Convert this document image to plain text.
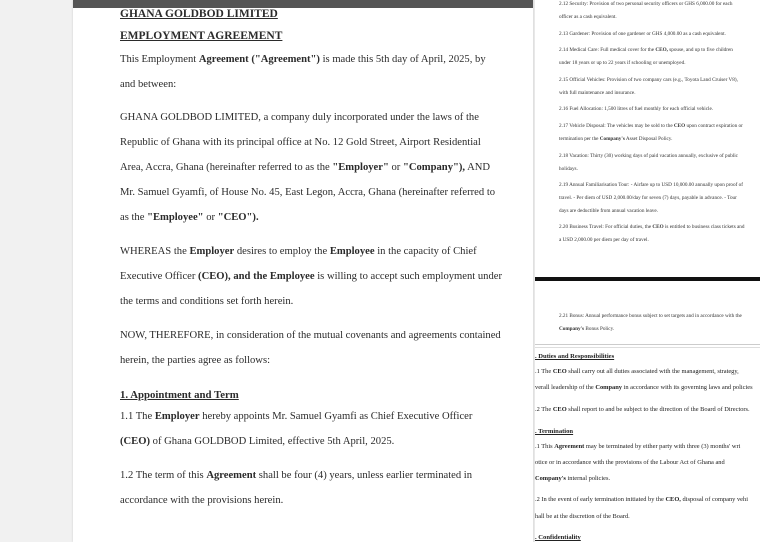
GHANA GOLDBOD LIMITED
EMPLOYMENT AGREEMENT
This Employment Agreement ("Agreement") is made this 5th day of April, 2025, by
and between:
GHANA GOLDBOD LIMITED, a company duly incorporated under the laws of the
Republic of Ghana with its principal office at No. 12 Gold Street, Airport Residential
Area, Accra, Ghana (hereinafter referred to as the "Employer" or "Company"), AND
Mr. Samuel Gyamfi, of House No. 45, East Legon, Accra, Ghana (hereinafter referred to
as the "Employee" or "CEO").
WHEREAS the Employer desires to employ the Employee in the capacity of Chief
Executive Officer (CEO), and the Employee is willing to accept such employment under
the terms and conditions set forth herein.
NOW, THEREFORE, in consideration of the mutual covenants and agreements contained
herein, the parties agree as follows:
1. Appointment and Term
1.1 The Employer hereby appoints Mr. Samuel Gyamfi as Chief Executive Officer
(CEO) of Ghana GOLDBOD Limited, effective 5th April, 2025.
1.2 The term of this Agreement shall be four (4) years, unless earlier terminated in
accordance with the provisions herein.
2.12 Security: Provision of two personal security officers or GHS 6,000.00 for each
officer as a cash equivalent.
2.13 Gardener: Provision of one gardener or GHS 4,000.00 as a cash equivalent.
2.14 Medical Care: Full medical cover for the CEO, spouse, and up to five children
under 18 years or up to 22 years if schooling or unemployed.
2.15 Official Vehicles: Provision of two company cars (e.g., Toyota Land Cruiser V8),
with full maintenance and insurance.
2.16 Fuel Allocation: 1,500 litres of fuel monthly for each official vehicle.
2.17 Vehicle Disposal: The vehicles may be sold to the CEO upon contract expiration or
termination per the Company's Asset Disposal Policy.
2.18 Vacation: Thirty (30) working days of paid vacation annually, exclusive of public
holidays.
2.19 Annual Familiarisation Tour: - Airfare up to USD 10,000.00 annually upon proof of
travel. - Per diem of USD 2,000.00/day for seven (7) days, payable in advance. - Tour
days are deductible from annual vacation leave.
2.20 Business Travel: For official duties, the CEO is entitled to business class tickets and
a USD 2,000.00 per diem per day of travel.
2.21 Bonus: Annual performance bonus subject to set targets and in accordance with the
Company's Bonus Policy.
. Duties and Responsibilities
.1 The CEO shall carry out all duties associated with the management, strategy,
verall leadership of the Company in accordance with its governing laws and policies
.2 The CEO shall report to and be subject to the direction of the Board of Directors.
. Termination
.1 This Agreement may be terminated by either party with three (3) months' wri
otice or in accordance with the provisions of the Labour Act of Ghana and
Company's internal policies.
.2 In the event of early termination initiated by the CEO, disposal of company vehi
hall be at the discretion of the Board.
. Confidentiality
